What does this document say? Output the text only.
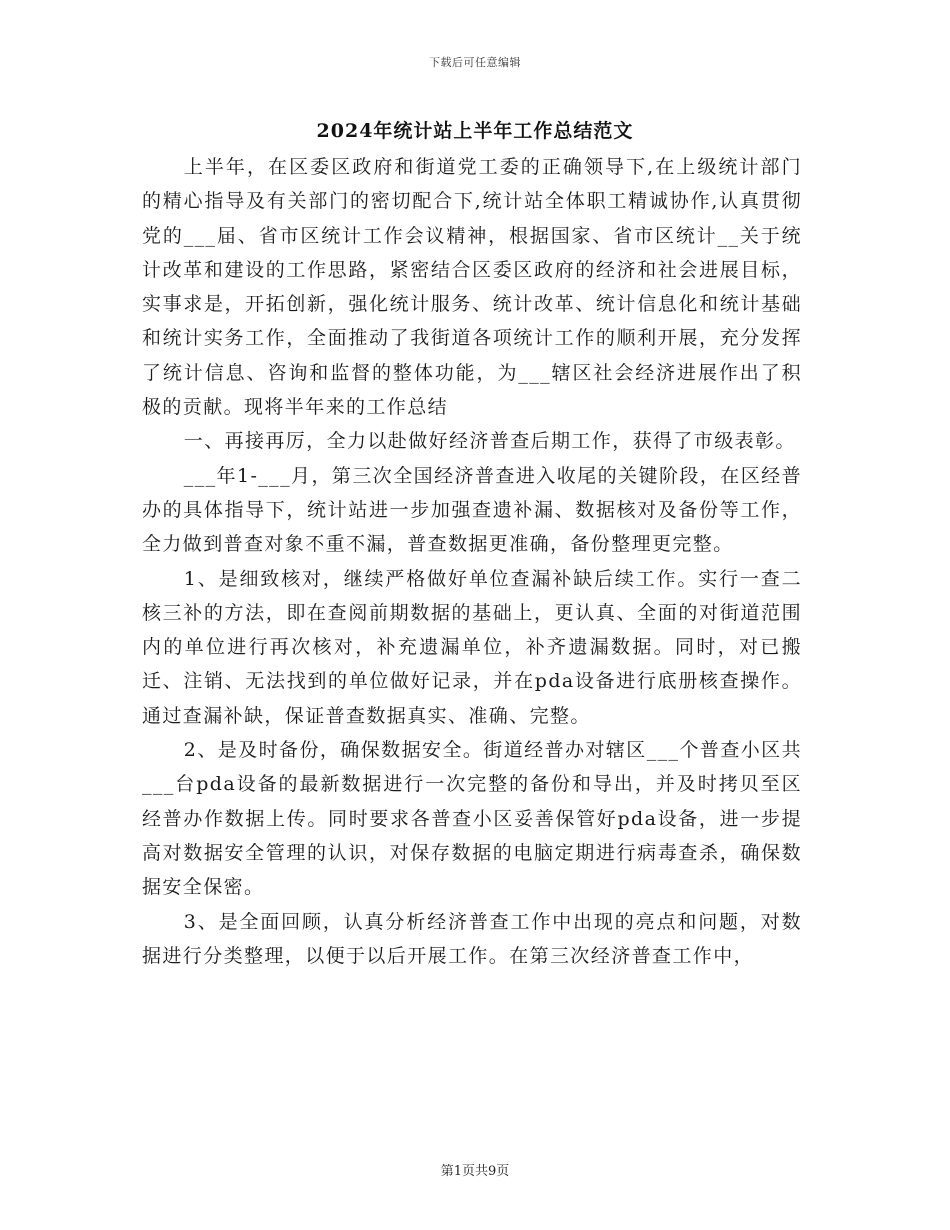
下载后可任意编辑
2024年统计站上半年工作总结范文

上半年，在区委区政府和街道党工委的正确领导下,在上级统计部门的精心指导及有关部门的密切配合下,统计站全体职工精诚协作,认真贯彻党的___届、省市区统计工作会议精神，根据国家、省市区统计__关于统计改革和建设的工作思路，紧密结合区委区政府的经济和社会进展目标，实事求是，开拓创新，强化统计服务、统计改革、统计信息化和统计基础和统计实务工作，全面推动了我街道各项统计工作的顺利开展，充分发挥了统计信息、咨询和监督的整体功能，为___辖区社会经济进展作出了积极的贡献。现将半年来的工作总结

一、再接再厉，全力以赴做好经济普查后期工作，获得了市级表彰。

___年1-___月，第三次全国经济普查进入收尾的关键阶段，在区经普办的具体指导下，统计站进一步加强查遗补漏、数据核对及备份等工作，全力做到普查对象不重不漏，普查数据更准确，备份整理更完整。

1、是细致核对，继续严格做好单位查漏补缺后续工作。实行一查二核三补的方法，即在查阅前期数据的基础上，更认真、全面的对街道范围内的单位进行再次核对，补充遗漏单位，补齐遗漏数据。同时，对已搬迁、注销、无法找到的单位做好记录，并在pda设备进行底册核查操作。通过查漏补缺，保证普查数据真实、准确、完整。

2、是及时备份，确保数据安全。街道经普办对辖区___个普查小区共___台pda设备的最新数据进行一次完整的备份和导出，并及时拷贝至区经普办作数据上传。同时要求各普查小区妥善保管好pda设备，进一步提高对数据安全管理的认识，对保存数据的电脑定期进行病毒查杀，确保数据安全保密。

3、是全面回顾，认真分析经济普查工作中出现的亮点和问题，对数据进行分类整理，以便于以后开展工作。在第三次经济普查工作中，

第1页共9页
